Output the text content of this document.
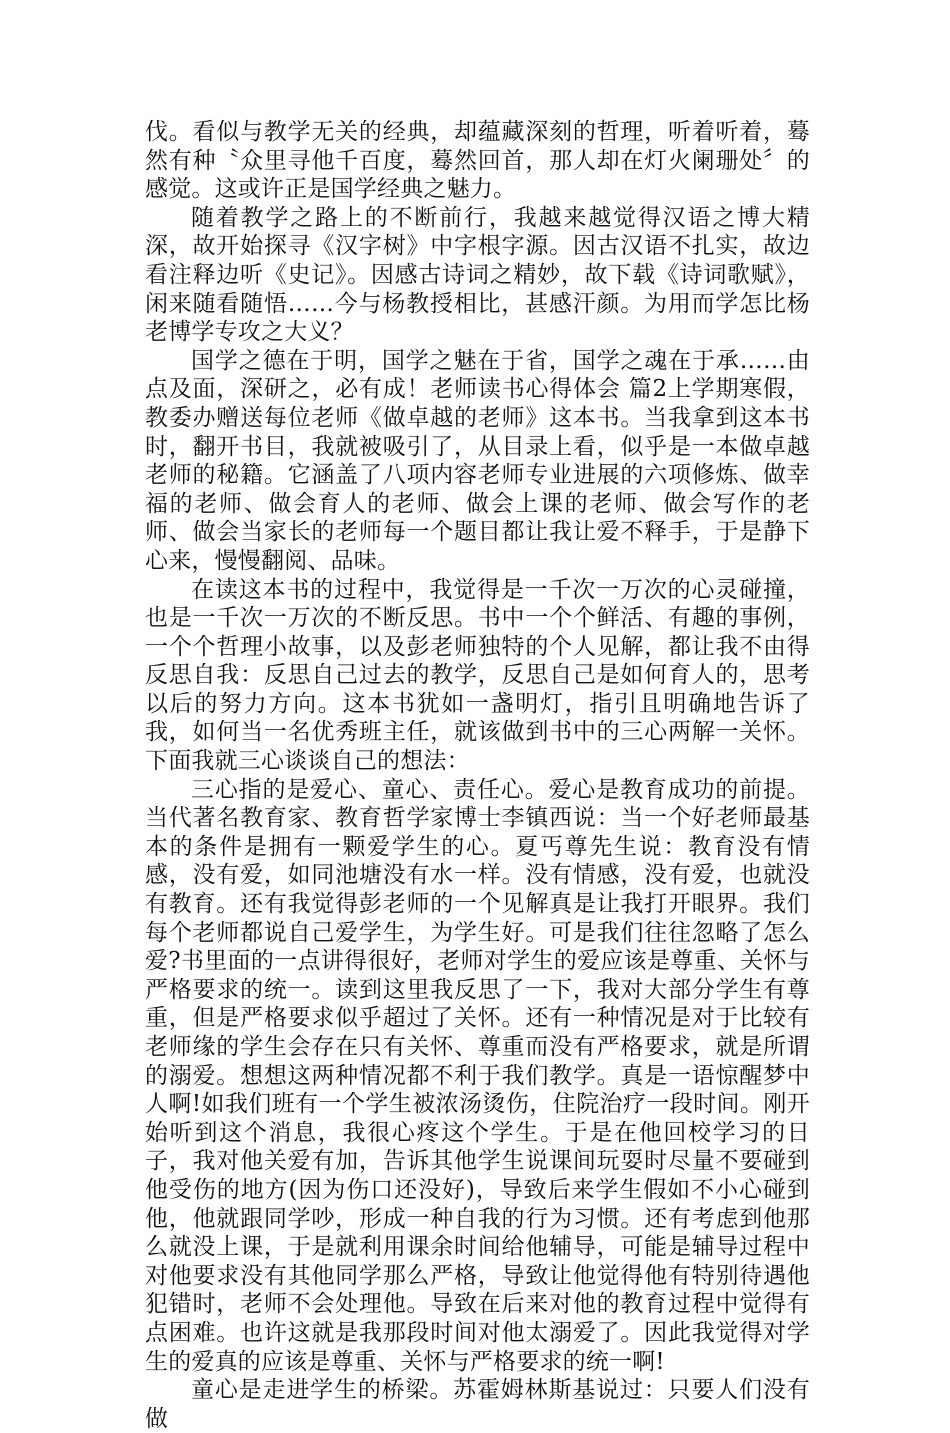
伐。看似与教学无关的经典，却蕴藏深刻的哲理，听着听着，蓦然有种〝众里寻他千百度，蓦然回首，那人却在灯火阑珊处〞的感觉。这或许正是国学经典之魅力。

随着教学之路上的不断前行，我越来越觉得汉语之博大精深，故开始探寻《汉字树》中字根字源。因古汉语不扎实，故边看注释边听《史记》。因感古诗词之精妙，故下载《诗词歌赋》，闲来随看随悟……今与杨教授相比，甚感汗颜。为用而学怎比杨老博学专攻之大义？

国学之德在于明，国学之魅在于省，国学之魂在于承……由点及面，深研之，必有成！老师读书心得体会 篇2上学期寒假，教委办赠送每位老师《做卓越的老师》这本书。当我拿到这本书时，翻开书目，我就被吸引了，从目录上看，似乎是一本做卓越老师的秘籍。它涵盖了八项内容老师专业进展的六项修炼、做幸福的老师、做会育人的老师、做会上课的老师、做会写作的老师、做会当家长的老师每一个题目都让我让爱不释手，于是静下心来，慢慢翻阅、品味。

在读这本书的过程中，我觉得是一千次一万次的心灵碰撞，也是一千次一万次的不断反思。书中一个个鲜活、有趣的事例，一个个哲理小故事，以及彭老师独特的个人见解，都让我不由得反思自我：反思自己过去的教学，反思自己是如何育人的，思考以后的努力方向。这本书犹如一盏明灯，指引且明确地告诉了我，如何当一名优秀班主任，就该做到书中的三心两解一关怀。下面我就三心谈谈自己的想法：

三心指的是爱心、童心、责任心。爱心是教育成功的前提。当代著名教育家、教育哲学家博士李镇西说：当一个好老师最基本的条件是拥有一颗爱学生的心。夏丐尊先生说：教育没有情感，没有爱，如同池塘没有水一样。没有情感，没有爱，也就没有教育。还有我觉得彭老师的一个见解真是让我打开眼界。我们每个老师都说自己爱学生，为学生好。可是我们往往忽略了怎么爱?书里面的一点讲得很好，老师对学生的爱应该是尊重、关怀与严格要求的统一。读到这里我反思了一下，我对大部分学生有尊重，但是严格要求似乎超过了关怀。还有一种情况是对于比较有老师缘的学生会存在只有关怀、尊重而没有严格要求，就是所谓的溺爱。想想这两种情况都不利于我们教学。真是一语惊醒梦中人啊!如我们班有一个学生被浓汤烫伤，住院治疗一段时间。刚开始听到这个消息，我很心疼这个学生。于是在他回校学习的日子，我对他关爱有加，告诉其他学生说课间玩耍时尽量不要碰到他受伤的地方(因为伤口还没好)，导致后来学生假如不小心碰到他，他就跟同学吵，形成一种自我的行为习惯。还有考虑到他那么就没上课，于是就利用课余时间给他辅导，可能是辅导过程中对他要求没有其他同学那么严格，导致让他觉得他有特别待遇他犯错时，老师不会处理他。导致在后来对他的教育过程中觉得有点困难。也许这就是我那段时间对他太溺爱了。因此我觉得对学生的爱真的应该是尊重、关怀与严格要求的统一啊!

童心是走进学生的桥梁。苏霍姆林斯基说过：只要人们没有做
